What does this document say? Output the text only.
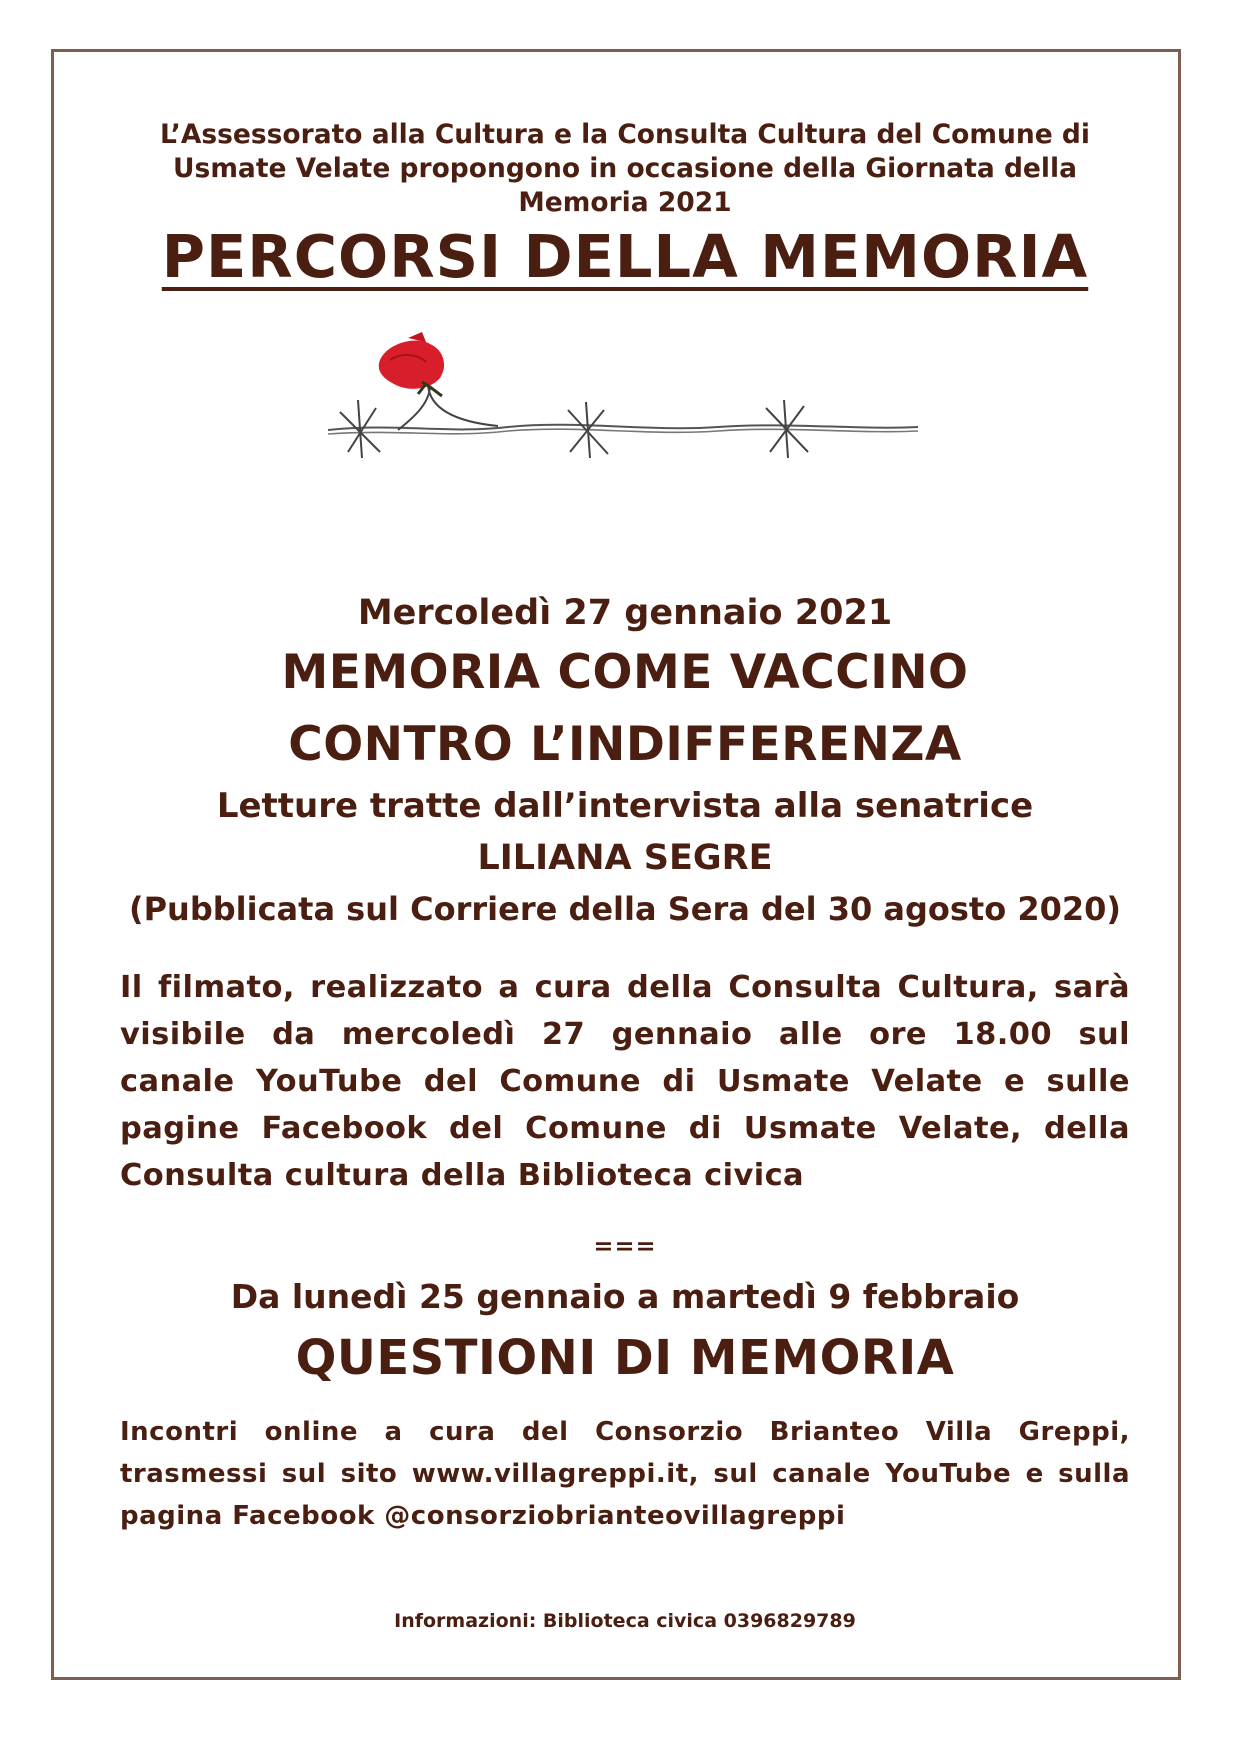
L’Assessorato alla Cultura e la Consulta Cultura del Comune di Usmate Velate propongono in occasione della Giornata della Memoria 2021
PERCORSI DELLA MEMORIA
Mercoledì 27 gennaio 2021
MEMORIA COME VACCINO
CONTRO L’INDIFFERENZA
Letture tratte dall’intervista alla senatrice
LILIANA SEGRE
(Pubblicata sul Corriere della Sera del 30 agosto 2020)
Il filmato, realizzato a cura della Consulta Cultura, sarà visibile da mercoledì 27 gennaio alle ore 18.00 sul canale YouTube del Comune di Usmate Velate e sulle pagine Facebook del Comune di Usmate Velate, della Consulta cultura della Biblioteca civica
===
Da lunedì 25 gennaio a martedì 9 febbraio
QUESTIONI DI MEMORIA
Incontri online a cura del Consorzio Brianteo Villa Greppi, trasmessi sul sito www.villagreppi.it, sul canale YouTube e sulla pagina Facebook @consorziobrianteovillagreppi
Informazioni: Biblioteca civica 0396829789
